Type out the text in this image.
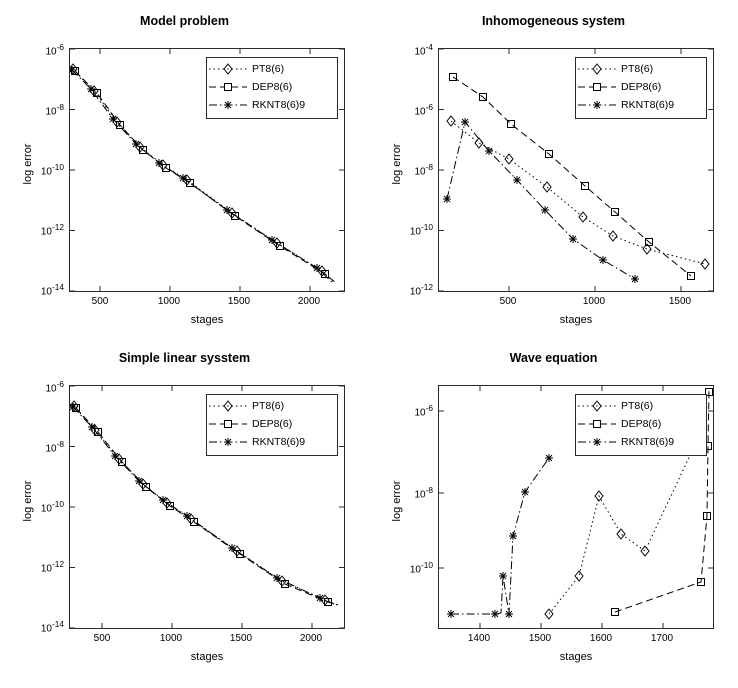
Model problem
log error
$10^{-6}$
$10^{-8}$
$10^{-10}$
$10^{-12}$
$10^{-14}$
PT8(6)
DEP8(6)
RKNT8(6)9
500	1000	1500	2000
stages
Inhomogeneous system
log error
$10^{-4}$
$10^{-6}$
$10^{-8}$
$10^{-10}$
$10^{-12}$
PT8(6)
DEP8(6)
RKNT8(6)9
500	1000	1500
stages
Simple linear sysstem
log error
$10^{-6}$
$10^{-8}$
$10^{-10}$
$10^{-12}$
$10^{-14}$
PT8(6)
DEP8(6)
RKNT8(6)9
500	1000	1500	2000
stages
Wave equation
log error
$10^{-6}$
$10^{-8}$
$10^{-10}$
PT8(6)
DEP8(6)
RKNT8(6)9
1400	1500	1600	1700
stages
